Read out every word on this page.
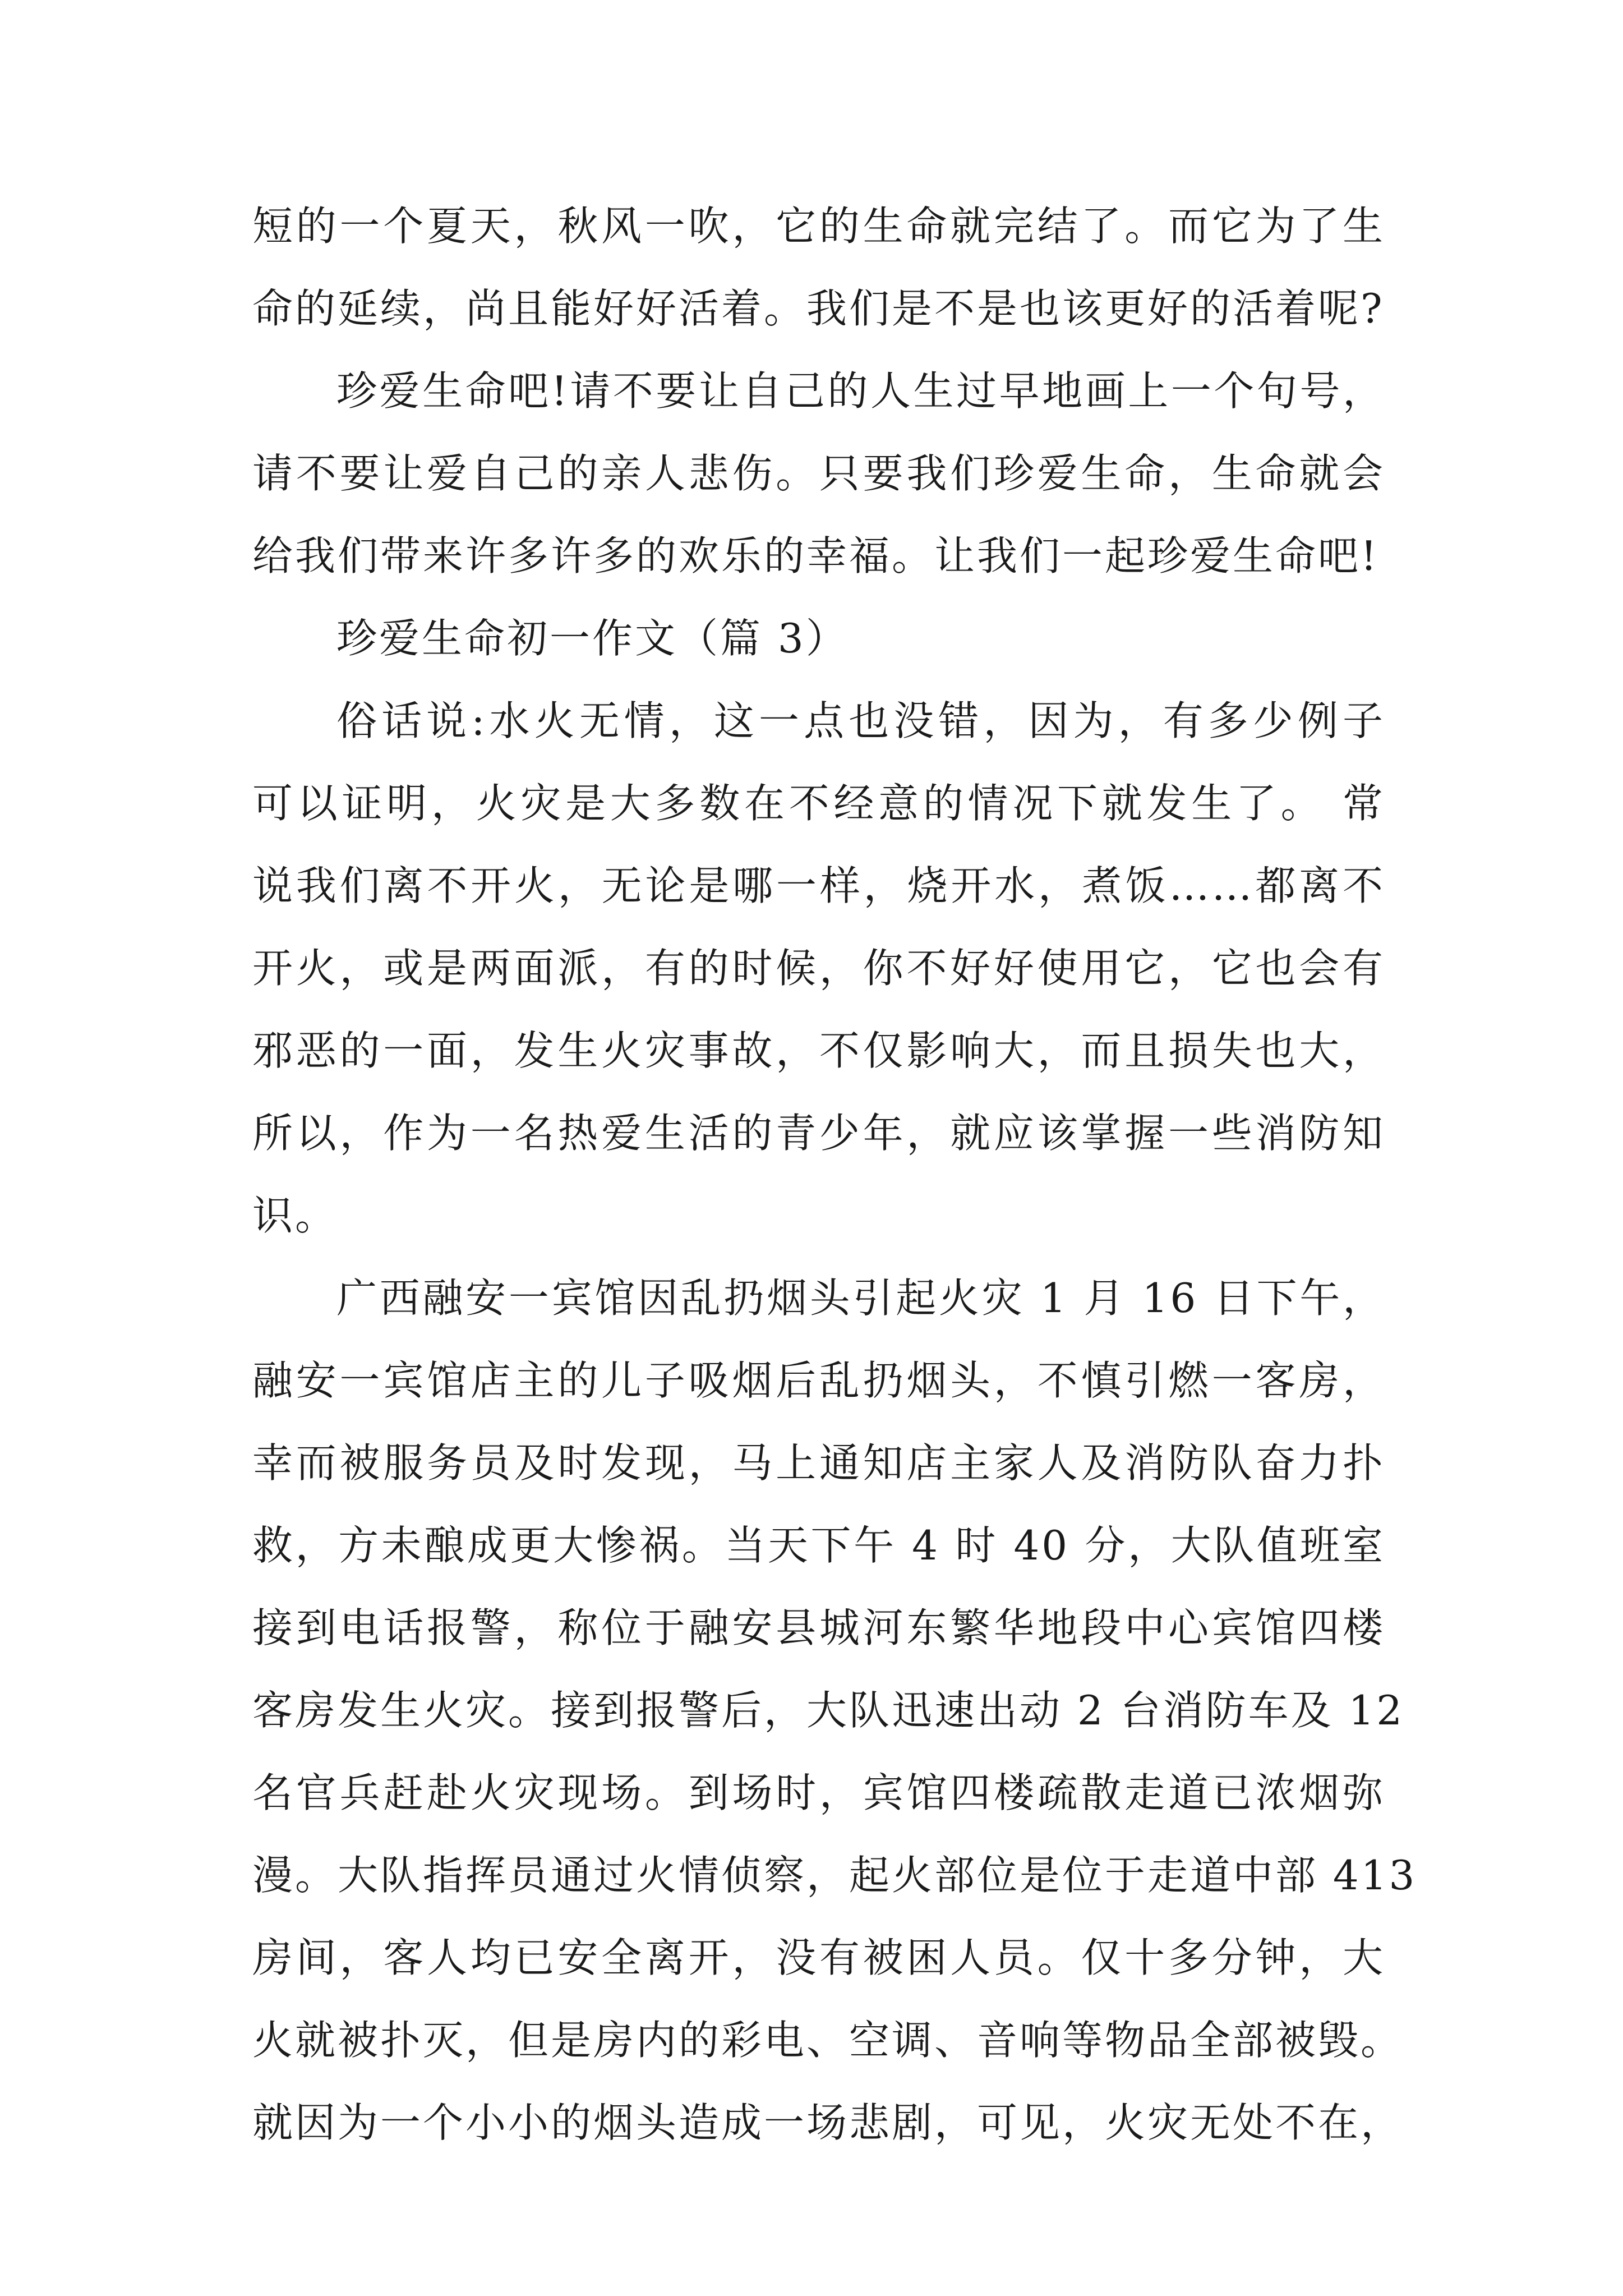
短的一个夏天，秋风一吹，它的生命就完结了。而它为了生
命的延续，尚且能好好活着。我们是不是也该更好的活着呢?
珍爱生命吧!请不要让自己的人生过早地画上一个句号，
请不要让爱自己的亲人悲伤。只要我们珍爱生命，生命就会
给我们带来许多许多的欢乐的幸福。让我们一起珍爱生命吧!
珍爱生命初一作文（篇 3）
俗话说:水火无情，这一点也没错，因为，有多少例子
可以证明，火灾是大多数在不经意的情况下就发生了。 常
说我们离不开火，无论是哪一样，烧开水，煮饭……都离不
开火，或是两面派，有的时候，你不好好使用它，它也会有
邪恶的一面，发生火灾事故，不仅影响大，而且损失也大，
所以，作为一名热爱生活的青少年，就应该掌握一些消防知
识。
广西融安一宾馆因乱扔烟头引起火灾 1 月 16 日下午，
融安一宾馆店主的儿子吸烟后乱扔烟头，不慎引燃一客房，
幸而被服务员及时发现，马上通知店主家人及消防队奋力扑
救，方未酿成更大惨祸。当天下午 4 时 40 分，大队值班室
接到电话报警，称位于融安县城河东繁华地段中心宾馆四楼
客房发生火灾。接到报警后，大队迅速出动 2 台消防车及 12
名官兵赶赴火灾现场。到场时，宾馆四楼疏散走道已浓烟弥
漫。大队指挥员通过火情侦察，起火部位是位于走道中部 413
房间，客人均已安全离开，没有被困人员。仅十多分钟，大
火就被扑灭，但是房内的彩电、空调、音响等物品全部被毁。
就因为一个小小的烟头造成一场悲剧，可见，火灾无处不在，
